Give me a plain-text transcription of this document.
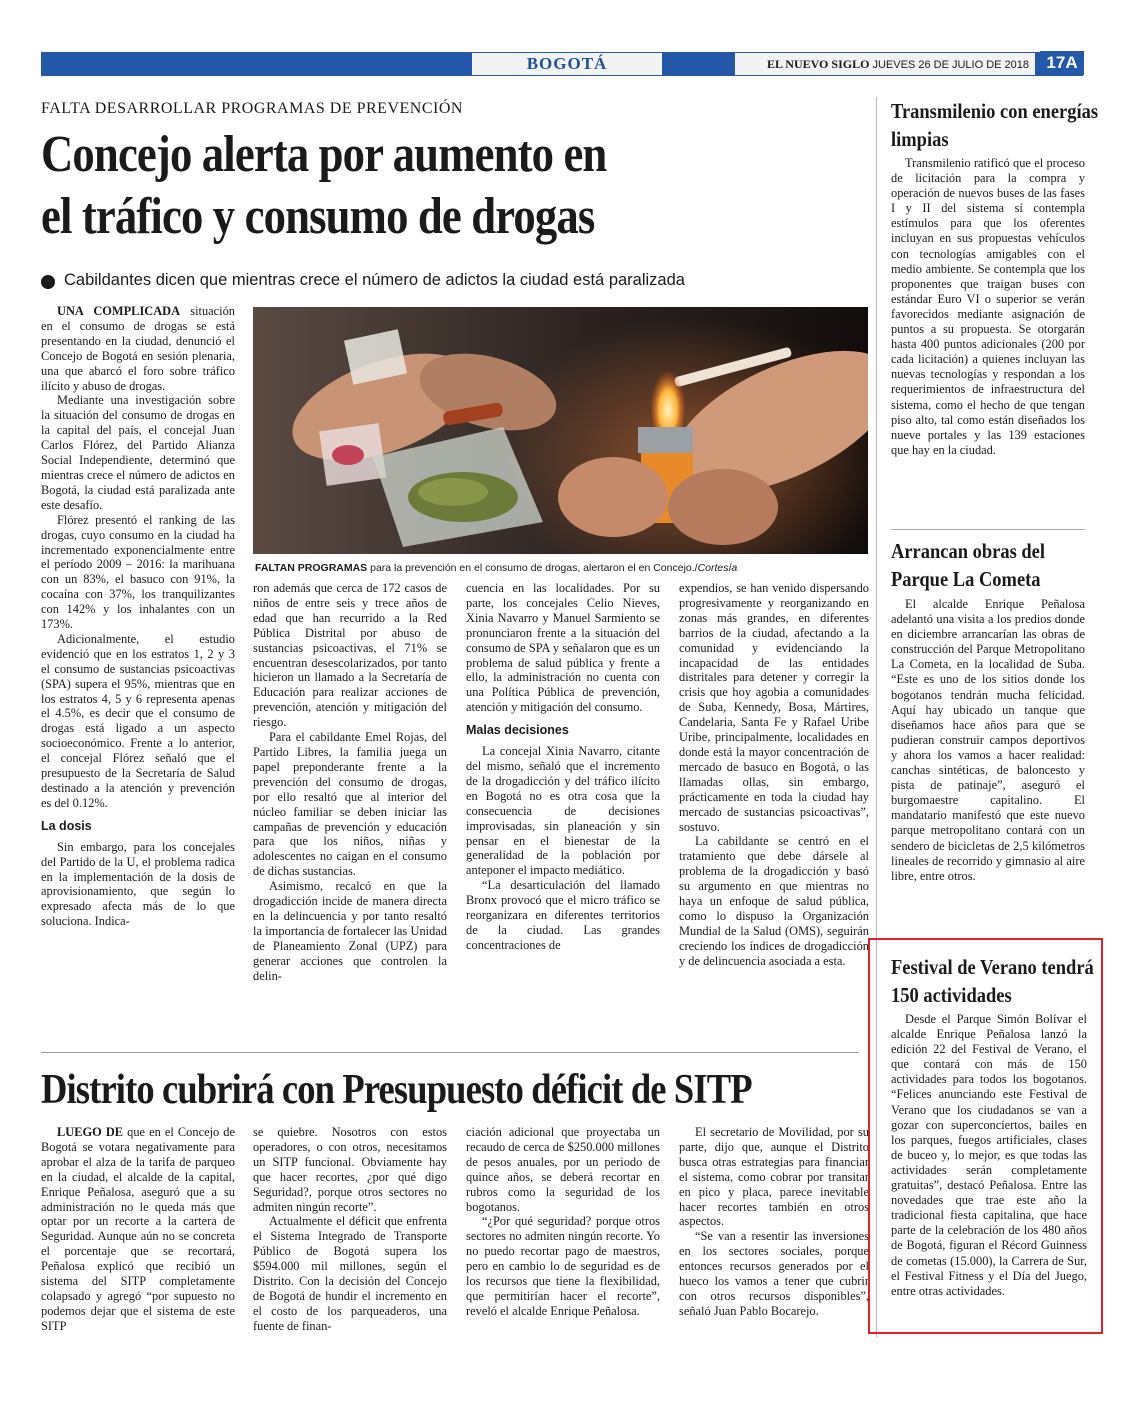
BOGOTÁ	EL NUEVO SIGLO JUEVES 26 DE JULIO DE 2018	17A
FALTA DESARROLLAR PROGRAMAS DE PREVENCIÓN
Concejo alerta por aumento en
el tráfico y consumo de drogas
Cabildantes dicen que mientras crece el número de adictos la ciudad está paralizada

UNA COMPLICADA situación en el consumo de drogas se está presentando en la ciudad, denunció el Concejo de Bogotá en sesión plenaria, una que abarcó el foro sobre tráfico ilícito y abuso de drogas.

Mediante una investigación sobre la situación del consumo de drogas en la capital del país, el concejal Juan Carlos Flórez, del Partido Alianza Social Independiente, determinó que mientras crece el número de adictos en Bogotá, la ciudad está paralizada ante este desafío.

Flórez presentó el ranking de las drogas, cuyo consumo en la ciudad ha incrementado exponencialmente entre el período 2009 – 2016: la marihuana con un 83%, el basuco con 91%, la cocaína con 37%, los tranquilizantes con 142% y los inhalantes con un 173%.

Adicionalmente, el estudio evidenció que en los estratos 1, 2 y 3 el consumo de sustancias psicoactivas (SPA) supera el 95%, mientras que en los estratos 4, 5 y 6 representa apenas el 4.5%, es decir que el consumo de drogas está ligado a un aspecto socioeconómico. Frente a lo anterior, el concejal Flórez señaló que el presupuesto de la Secretaría de Salud destinado a la atención y prevención es del 0.12%.

La dosis

Sin embargo, para los concejales del Partido de la U, el problema radica en la implementación de la dosis de aprovisionamiento, que según lo expresado afecta más de lo que soluciona. Indica-

FALTAN PROGRAMAS para la prevención en el consumo de drogas, alertaron el en Concejo./Cortesía

ron además que cerca de 172 casos de niños de entre seis y trece años de edad que han recurrido a la Red Pública Distrital por abuso de sustancias psicoactivas, el 71% se encuentran desescolarizados, por tanto hicieron un llamado a la Secretaría de Educación para realizar acciones de prevención, atención y mitigación del riesgo.

Para el cabildante Emel Rojas, del Partido Libres, la familia juega un papel preponderante frente a la prevención del consumo de drogas, por ello resaltó que al interior del núcleo familiar se deben iniciar las campañas de prevención y educación para que los niños, niñas y adolescentes no caigan en el consumo de dichas sustancias.

Asimismo, recalcó en que la drogadicción incide de manera directa en la delincuencia y por tanto resaltó la importancia de fortalecer las Unidad de Planeamiento Zonal (UPZ) para generar acciones que controlen la delin-

cuencia en las localidades. Por su parte, los concejales Celio Nieves, Xinia Navarro y Manuel Sarmiento se pronunciaron frente a la situación del consumo de SPA y señalaron que es un problema de salud pública y frente a ello, la administración no cuenta con una Política Pública de prevención, atención y mitigación del consumo.

Malas decisiones

La concejal Xinia Navarro, citante del mismo, señaló que el incremento de la drogadicción y del tráfico ilícito en Bogotá no es otra cosa que la consecuencia de decisiones improvisadas, sin planeación y sin pensar en el bienestar de la generalidad de la población por anteponer el impacto mediático.

“La desarticulación del llamado Bronx provocó que el micro tráfico se reorganizara en diferentes territorios de la ciudad. Las grandes concentraciones de

expendios, se han venido dispersando progresivamente y reorganizando en zonas más grandes, en diferentes barrios de la ciudad, afectando a la comunidad y evidenciando la incapacidad de las entidades distritales para detener y corregir la crisis que hoy agobia a comunidades de Suba, Kennedy, Bosa, Mártires, Candelaria, Santa Fe y Rafael Uribe Uribe, principalmente, localidades en donde está la mayor concentración de mercado de basuco en Bogotá, o las llamadas ollas, sin embargo, prácticamente en toda la ciudad hay mercado de sustancias psicoactivas”, sostuvo.

La cabildante se centró en el tratamiento que debe dársele al problema de la drogadicción y basó su argumento en que mientras no haya un enfoque de salud pública, como lo dispuso la Organización Mundial de la Salud (OMS), seguirán creciendo los índices de drogadicción y de delincuencia asociada a esta.

Distrito cubrirá con Presupuesto déficit de SITP

LUEGO DE que en el Concejo de Bogotá se votara negativamente para aprobar el alza de la tarifa de parqueo en la ciudad, el alcalde de la capital, Enrique Peñalosa, aseguró que a su administración no le queda más que optar por un recorte a la cartera de Seguridad. Aunque aún no se concreta el porcentaje que se recortará, Peñalosa explicó que recibió un sistema del SITP completamente colapsado y agregó “por supuesto no podemos dejar que el sistema de este SITP

se quiebre. Nosotros con estos operadores, o con otros, necesitamos un SITP funcional. Obviamente hay que hacer recortes, ¿por qué digo Seguridad?, porque otros sectores no admiten ningún recorte”.

Actualmente el déficit que enfrenta el Sistema Integrado de Transporte Público de Bogotá supera los $594.000 mil millones, según el Distrito. Con la decisión del Concejo de Bogotá de hundir el incremento en el costo de los parqueaderos, una fuente de finan-

ciación adicional que proyectaba un recaudo de cerca de $250.000 millones de pesos anuales, por un periodo de quince años, se deberá recortar en rubros como la seguridad de los bogotanos.

“¿Por qué seguridad? porque otros sectores no admiten ningún recorte. Yo no puedo recortar pago de maestros, pero en cambio lo de seguridad es de los recursos que tiene la flexibilidad, que permitirían hacer el recorte”, reveló el alcalde Enrique Peñalosa.

El secretario de Movilidad, por su parte, dijo que, aunque el Distrito busca otras estrategias para financiar el sistema, como cobrar por transitar en pico y placa, parece inevitable hacer recortes también en otros aspectos.

“Se van a resentir las inversiones en los sectores sociales, porque entonces recursos generados por el hueco los vamos a tener que cubrir con otros recursos disponibles”, señaló Juan Pablo Bocarejo.

Transmilenio con energías limpias

Transmilenio ratificó que el proceso de licitación para la compra y operación de nuevos buses de las fases I y II del sistema sí contempla estímulos para que los oferentes incluyan en sus propuestas vehículos con tecnologías amigables con el medio ambiente. Se contempla que los proponentes que traigan buses con estándar Euro VI o superior se verán favorecidos mediante asignación de puntos a su propuesta. Se otorgarán hasta 400 puntos adicionales (200 por cada licitación) a quienes incluyan las nuevas tecnologías y respondan a los requerimientos de infraestructura del sistema, como el hecho de que tengan piso alto, tal como están diseñados los nueve portales y las 139 estaciones que hay en la ciudad.

Arrancan obras del Parque La Cometa

El alcalde Enrique Peñalosa adelantó una visita a los predios donde en diciembre arrancarían las obras de construcción del Parque Metropolitano La Cometa, en la localidad de Suba. “Este es uno de los sitios donde los bogotanos tendrán mucha felicidad. Aquí hay ubicado un tanque que diseñamos hace años para que se pudieran construir campos deportivos y ahora los vamos a hacer realidad: canchas sintéticas, de baloncesto y pista de patinaje”, aseguró el burgomaestre capitalino. El mandatario manifestó que este nuevo parque metropolitano contará con un sendero de bicicletas de 2,5 kilómetros lineales de recorrido y gimnasio al aire libre, entre otros.

Festival de Verano tendrá 150 actividades

Desde el Parque Simón Bolívar el alcalde Enrique Peñalosa lanzó la edición 22 del Festival de Verano, el que contará con más de 150 actividades para todos los bogotanos. “Felices anunciando este Festival de Verano que los ciudadanos se van a gozar con superconciertos, bailes en los parques, fuegos artificiales, clases de buceo y, lo mejor, es que todas las actividades serán completamente gratuitas”, destacó Peñalosa. Entre las novedades que trae este año la tradicional fiesta capitalina, que hace parte de la celebración de los 480 años de Bogotá, figuran el Récord Guinness de cometas (15.000), la Carrera de Sur, el Festival Fitness y el Día del Juego, entre otras actividades.
